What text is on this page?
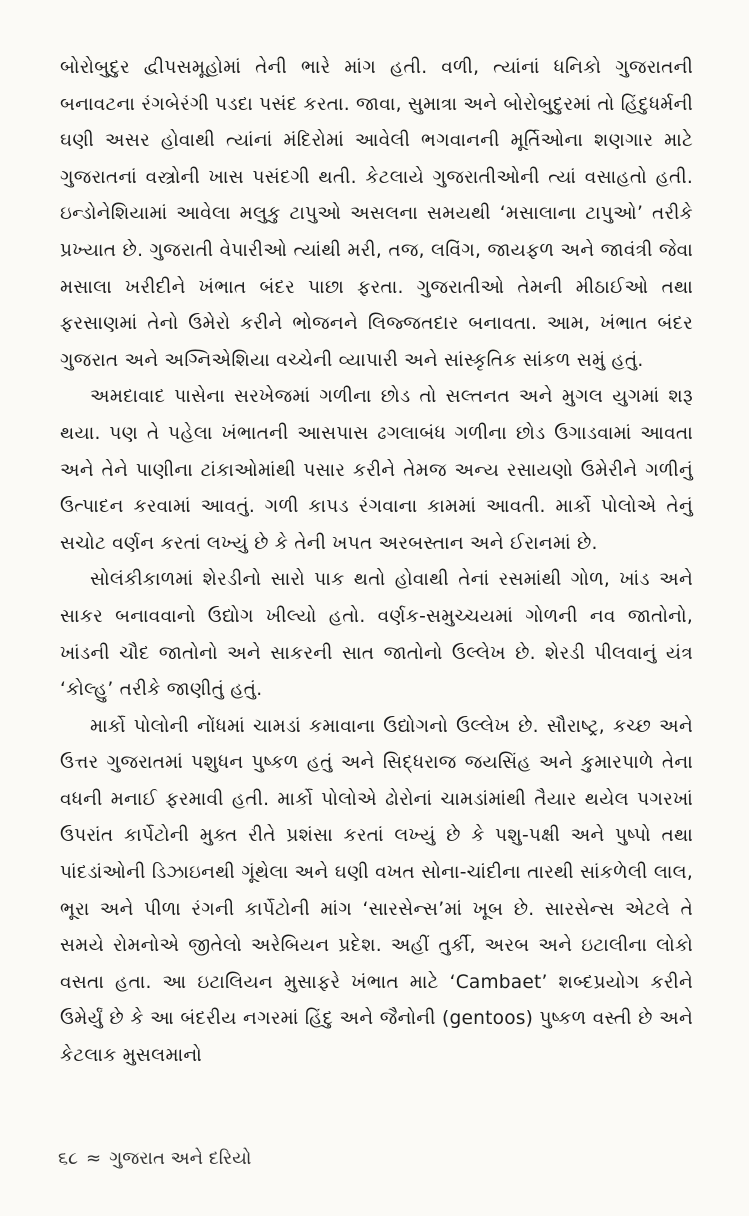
બોરોબુદુર દ્વીપસમૂહોમાં તેની ભારે માંગ હતી. વળી, ત્યાંનાં ધનિકો ગુજરાતની બનાવટના રંગબેરંગી પડદા પસંદ કરતા. જાવા, સુમાત્રા અને બોરોબુદુરમાં તો હિંદુધર્મની ઘણી અસર હોવાથી ત્યાંનાં મંદિરોમાં આવેલી ભગવાનની મૂર્તિઓના શણગાર માટે ગુજરાતનાં વસ્ત્રોની ખાસ પસંદગી થતી. કેટલાયે ગુજરાતીઓની ત્યાં વસાહતો હતી. ઇન્ડોનેશિયામાં આવેલા મલુકુ ટાપુઓ અસલના સમયથી ‘મસાલાના ટાપુઓ’ તરીકે પ્રખ્યાત છે. ગુજરાતી વેપારીઓ ત્યાંથી મરી, તજ, લવિંગ, જાયફળ અને જાવંત્રી જેવા મસાલા ખરીદીને ખંભાત બંદર પાછા ફરતા. ગુજરાતીઓ તેમની મીઠાઈઓ તથા ફરસાણમાં તેનો ઉમેરો કરીને ભોજનને લિજ્જતદાર બનાવતા. આમ, ખંભાત બંદર ગુજરાત અને અગ્નિએશિયા વચ્ચેની વ્યાપારી અને સાંસ્કૃતિક સાંકળ સમું હતું.

અમદાવાદ પાસેના સરખેજમાં ગળીના છોડ તો સલ્તનત અને મુગલ યુગમાં શરૂ થયા. પણ તે પહેલા ખંભાતની આસપાસ ઢગલાબંધ ગળીના છોડ ઉગાડવામાં આવતા અને તેને પાણીના ટાંકાઓમાંથી પસાર કરીને તેમજ અન્ય રસાયણો ઉમેરીને ગળીનું ઉત્પાદન કરવામાં આવતું. ગળી કાપડ રંગવાના કામમાં આવતી. માર્કો પોલોએ તેનું સચોટ વર્ણન કરતાં લખ્યું છે કે તેની ખપત અરબસ્તાન અને ઈરાનમાં છે.

સોલંકીકાળમાં શેરડીનો સારો પાક થતો હોવાથી તેનાં રસમાંથી ગોળ, ખાંડ અને સાકર બનાવવાનો ઉદ્યોગ ખીલ્યો હતો. વર્ણક-સમુચ્ચયમાં ગોળની નવ જાતોનો, ખાંડની ચૌદ જાતોનો અને સાકરની સાત જાતોનો ઉલ્લેખ છે. શેરડી પીલવાનું યંત્ર ‘કોલ્હુ’ તરીકે જાણીતું હતું.

માર્કો પોલોની નોંધમાં ચામડાં કમાવાના ઉદ્યોગનો ઉલ્લેખ છે. સૌરાષ્ટ્ર, કચ્છ અને ઉત્તર ગુજરાતમાં પશુધન પુષ્કળ હતું અને સિદ્ધરાજ જયસિંહ અને કુમારપાળે તેના વધની મનાઈ ફરમાવી હતી. માર્કો પોલોએ ઢોરોનાં ચામડાંમાંથી તૈયાર થયેલ પગરખાં ઉપરાંત કાર્પેટોની મુક્ત રીતે પ્રશંસા કરતાં લખ્યું છે કે પશુ-પક્ષી અને પુષ્પો તથા પાંદડાંઓની ડિઝાઇનથી ગૂંથેલા અને ઘણી વખત સોના-ચાંદીના તારથી સાંકળેલી લાલ, ભૂરા અને પીળા રંગની કાર્પેટોની માંગ ‘સારસેન્સ’માં ખૂબ છે. સારસેન્સ એટલે તે સમયે રોમનોએ જીતેલો અરેબિયન પ્રદેશ. અહીં તુર્કી, અરબ અને ઇટાલીના લોકો વસતા હતા. આ ઇટાલિયન મુસાફરે ખંભાત માટે ‘Cambaet’ શબ્દપ્રયોગ કરીને ઉમેર્યું છે કે આ બંદરીય નગરમાં હિંદુ અને જૈનોની (gentoos) પુષ્કળ વસ્તી છે અને કેટલાક મુસલમાનો

૬૮ ≈ ગુજરાત અને દરિયો
